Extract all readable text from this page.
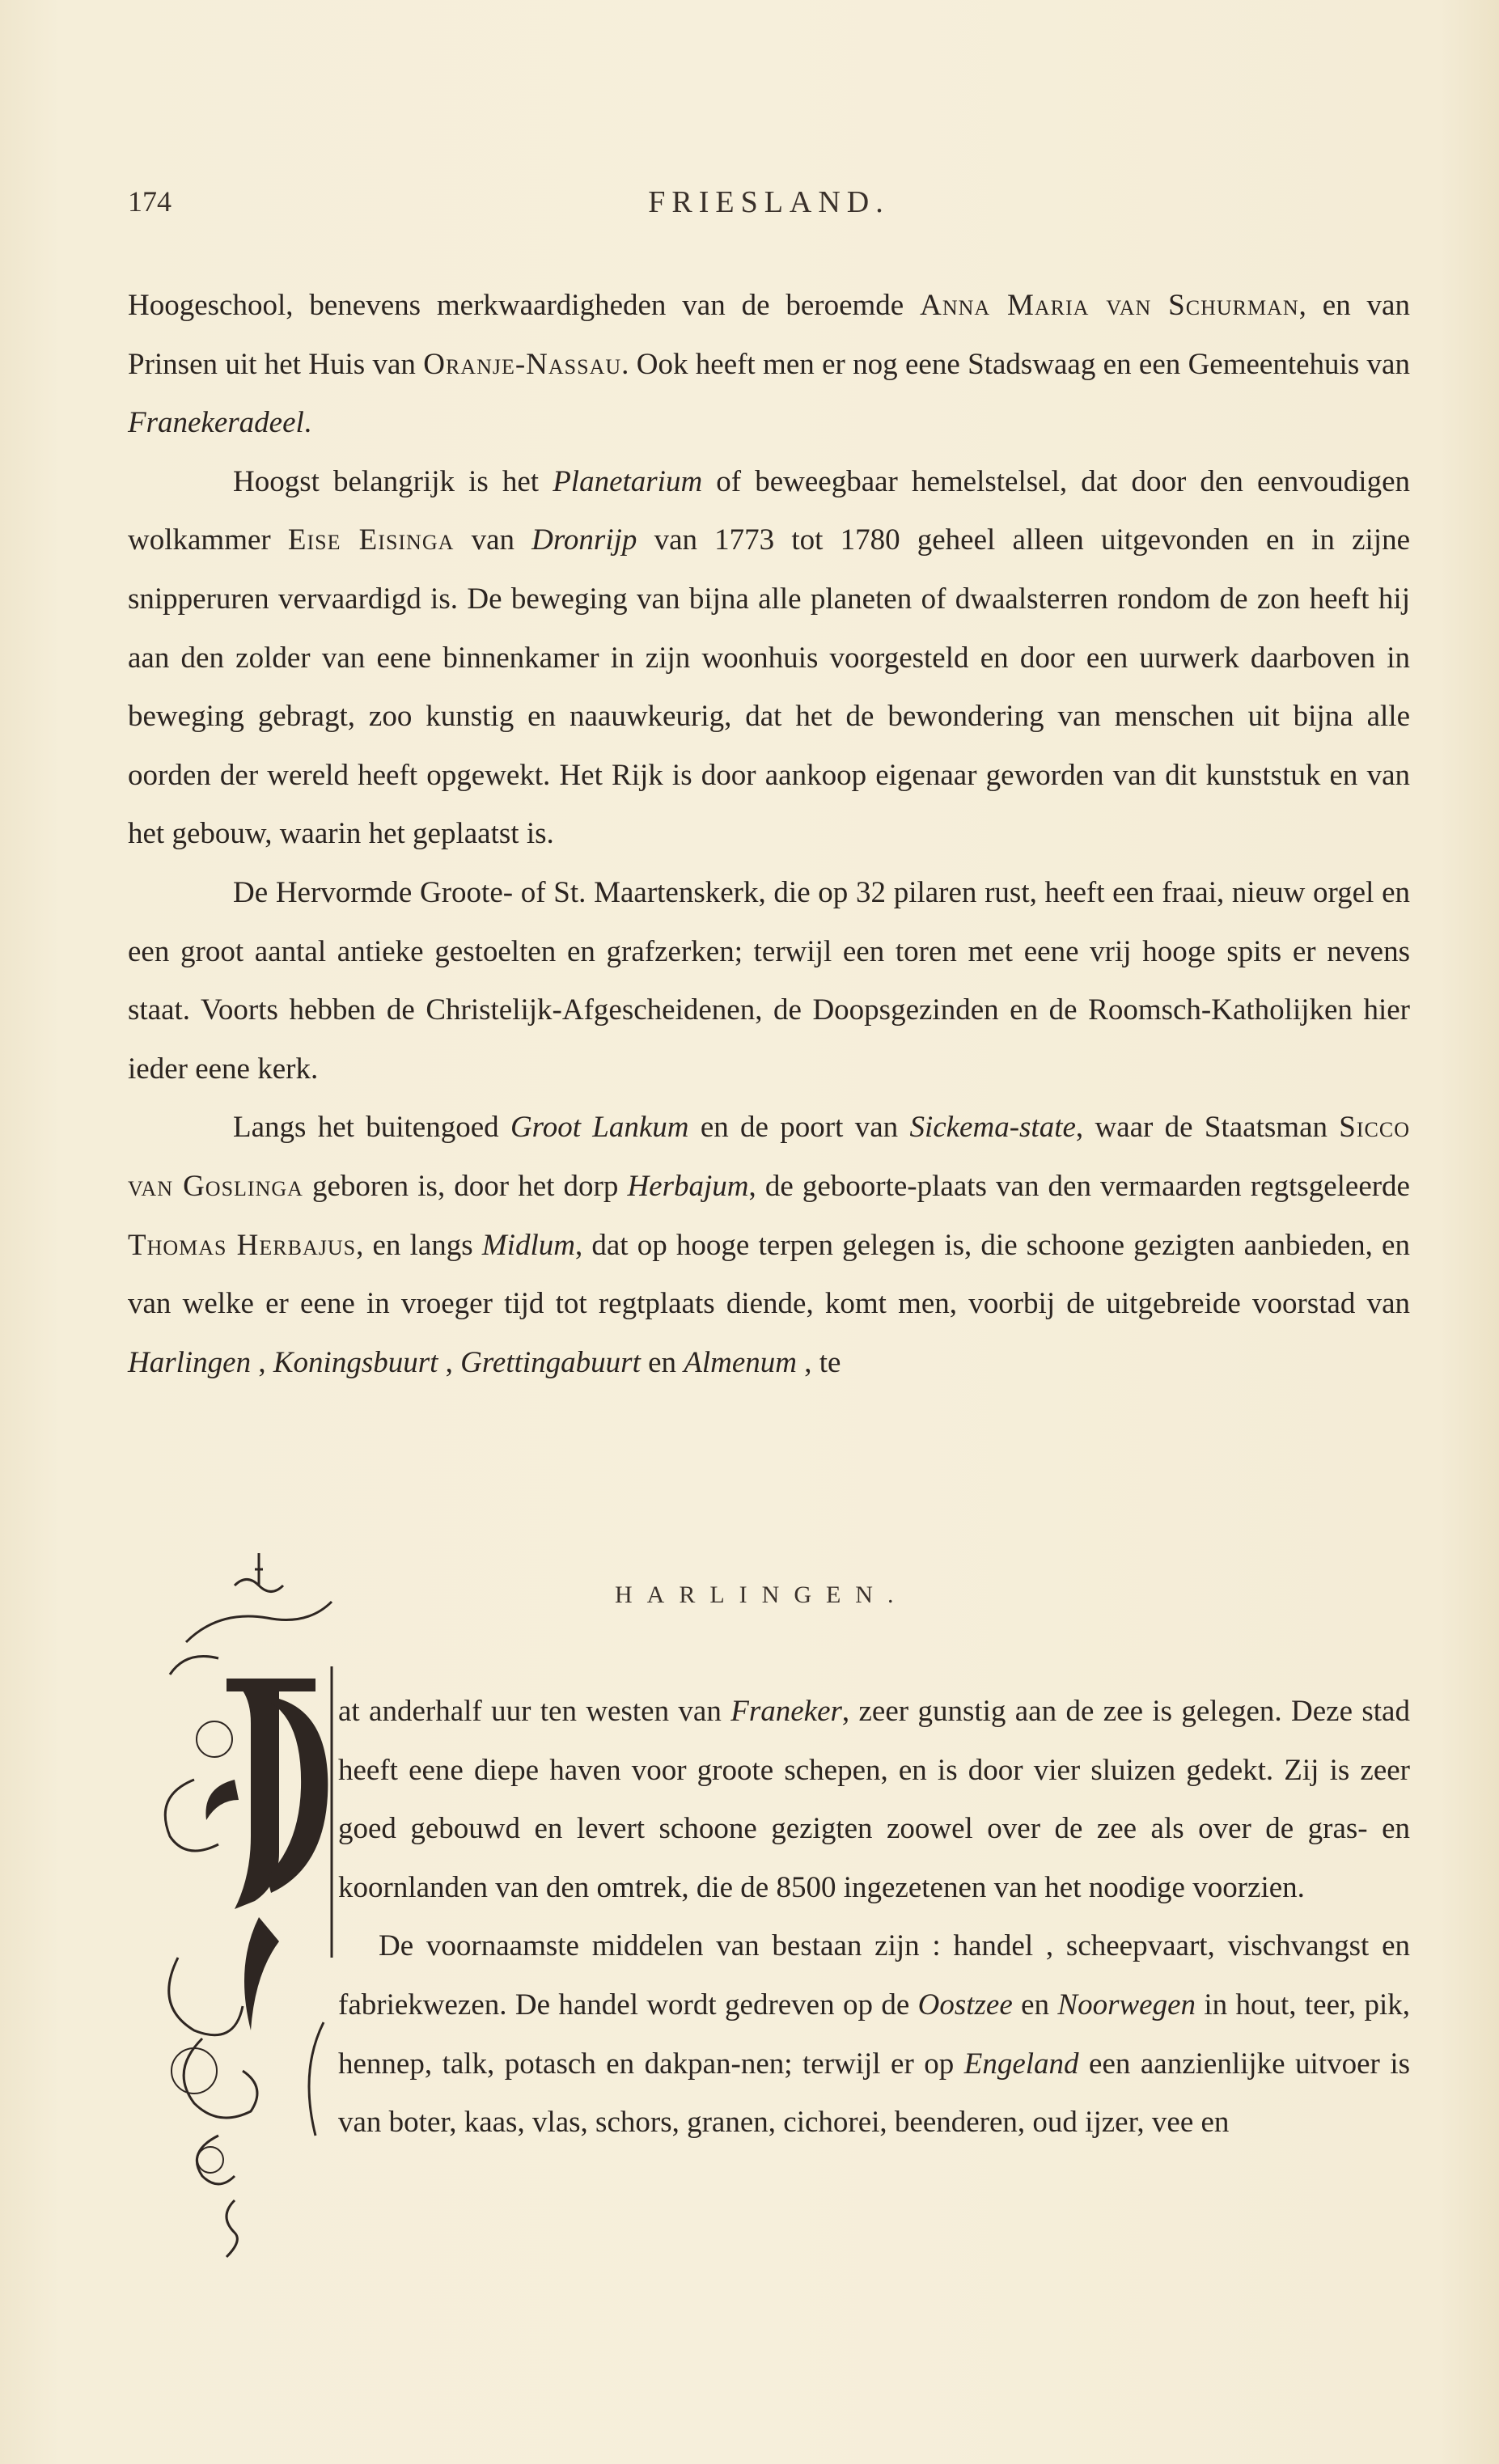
174	FRIESLAND.

Hoogeschool, benevens merkwaardigheden van de beroemde Anna Maria van Schurman, en van Prinsen uit het Huis van Oranje-Nassau. Ook heeft men er nog eene Stadswaag en een Gemeentehuis van Franekeradeel.

Hoogst belangrijk is het Planetarium of beweegbaar hemelstelsel, dat door den eenvoudigen wolkammer Eise Eisinga van Dronrijp van 1773 tot 1780 geheel alleen uitgevonden en in zijne snipperuren vervaardigd is. De beweging van bijna alle planeten of dwaalsterren rondom de zon heeft hij aan den zolder van eene binnenkamer in zijn woonhuis voorgesteld en door een uurwerk daarboven in beweging gebragt, zoo kunstig en naauwkeurig, dat het de bewondering van menschen uit bijna alle oorden der wereld heeft opgewekt. Het Rijk is door aankoop eigenaar geworden van dit kunststuk en van het gebouw, waarin het geplaatst is.

De Hervormde Groote- of St. Maartenskerk, die op 32 pilaren rust, heeft een fraai, nieuw orgel en een groot aantal antieke gestoelten en grafzerken; terwijl een toren met eene vrij hooge spits er nevens staat. Voorts hebben de Christelijk-Afgescheidenen, de Doopsgezinden en de Roomsch-Katholijken hier ieder eene kerk.

Langs het buitengoed Groot Lankum en de poort van Sickema-state, waar de Staatsman Sicco van Goslinga geboren is, door het dorp Herbajum, de geboorte-plaats van den vermaarden regtsgeleerde Thomas Herbajus, en langs Midlum, dat op hooge terpen gelegen is, die schoone gezigten aanbieden, en van welke er eene in vroeger tijd tot regtplaats diende, komt men, voorbij de uitgebreide voorstad van Harlingen , Koningsbuurt , Grettingabuurt en Almenum , te

HARLINGEN.

at anderhalf uur ten westen van Franeker, zeer gunstig aan de zee is gelegen. Deze stad heeft eene diepe haven voor groote schepen, en is door vier sluizen gedekt. Zij is zeer goed gebouwd en levert schoone gezigten zoowel over de zee als over de gras- en koornlanden van den omtrek, die de 8500 ingezetenen van het noodige voorzien.

De voornaamste middelen van bestaan zijn : handel , scheepvaart, vischvangst en fabriekwezen. De handel wordt gedreven op de Oostzee en Noorwegen in hout, teer, pik, hennep, talk, potasch en dakpan-nen; terwijl er op Engeland een aanzienlijke uitvoer is van boter, kaas, vlas, schors, granen, cichorei, beenderen, oud ijzer, vee en
